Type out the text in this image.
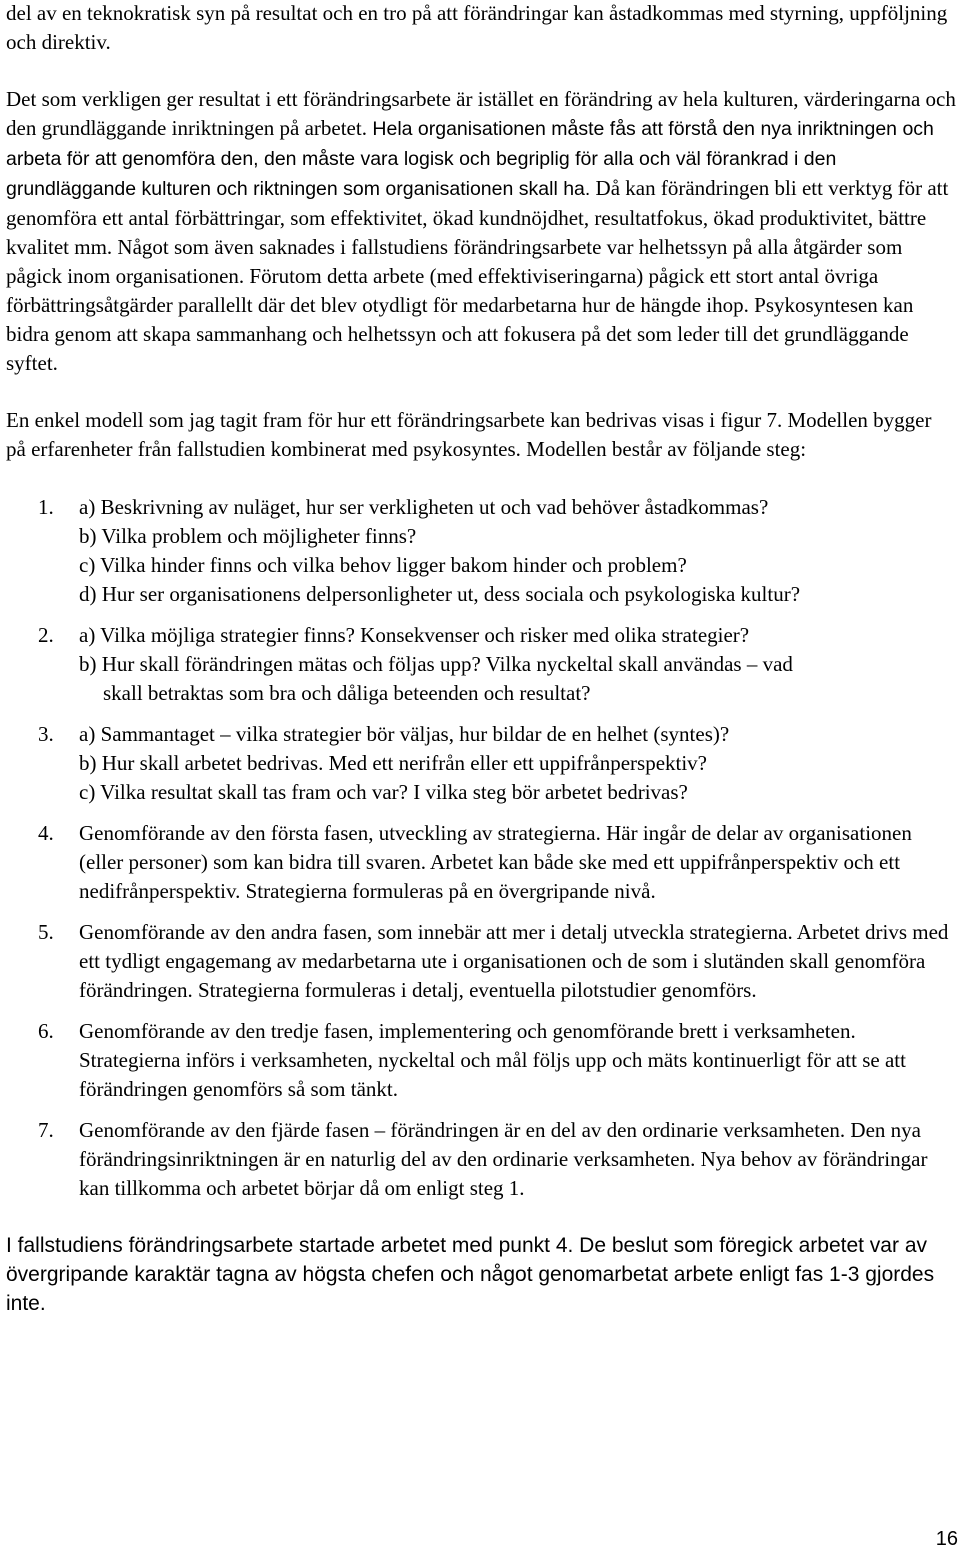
del av en teknokratisk syn på resultat och en tro på att förändringar kan åstadkommas med styrning, uppföljning och direktiv.

Det som verkligen ger resultat i ett förändringsarbete är istället en förändring av hela kulturen, värderingarna och den grundläggande inriktningen på arbetet. Hela organisationen måste fås att förstå den nya inriktningen och arbeta för att genomföra den, den måste vara logisk och begriplig för alla och väl förankrad i den grundläggande kulturen och riktningen som organisationen skall ha. Då kan förändringen bli ett verktyg för att genomföra ett antal förbättringar, som effektivitet, ökad kundnöjdhet, resultatfokus, ökad produktivitet, bättre kvalitet mm. Något som även saknades i fallstudiens förändringsarbete var helhetssyn på alla åtgärder som pågick inom organisationen. Förutom detta arbete (med effektiviseringarna) pågick ett stort antal övriga förbättringsåtgärder parallellt där det blev otydligt för medarbetarna hur de hängde ihop. Psykosyntesen kan bidra genom att skapa sammanhang och helhetssyn och att fokusera på det som leder till det grundläggande syftet.

En enkel modell som jag tagit fram för hur ett förändringsarbete kan bedrivas visas i figur 7. Modellen bygger på erfarenheter från fallstudien kombinerat med psykosyntes. Modellen består av följande steg:

1. a) Beskrivning av nuläget, hur ser verkligheten ut och vad behöver åstadkommas?
b) Vilka problem och möjligheter finns?
c) Vilka hinder finns och vilka behov ligger bakom hinder och problem?
d) Hur ser organisationens delpersonligheter ut, dess sociala och psykologiska kultur?
2. a) Vilka möjliga strategier finns? Konsekvenser och risker med olika strategier?
b) Hur skall förändringen mätas och följas upp? Vilka nyckeltal skall användas – vad
skall betraktas som bra och dåliga beteenden och resultat?
3. a) Sammantaget – vilka strategier bör väljas, hur bildar de en helhet (syntes)?
b) Hur skall arbetet bedrivas. Med ett nerifrån eller ett uppifrånperspektiv?
c) Vilka resultat skall tas fram och var? I vilka steg bör arbetet bedrivas?
4. Genomförande av den första fasen, utveckling av strategierna. Här ingår de delar av organisationen (eller personer) som kan bidra till svaren. Arbetet kan både ske med ett uppifrånperspektiv och ett nedifrånperspektiv. Strategierna formuleras på en övergripande nivå.
5. Genomförande av den andra fasen, som innebär att mer i detalj utveckla strategierna. Arbetet drivs med ett tydligt engagemang av medarbetarna ute i organisationen och de som i slutänden skall genomföra förändringen. Strategierna formuleras i detalj, eventuella pilotstudier genomförs.
6. Genomförande av den tredje fasen, implementering och genomförande brett i verksamheten. Strategierna införs i verksamheten, nyckeltal och mål följs upp och mäts kontinuerligt för att se att förändringen genomförs så som tänkt.
7. Genomförande av den fjärde fasen – förändringen är en del av den ordinarie verksamheten. Den nya förändringsinriktningen är en naturlig del av den ordinarie verksamheten. Nya behov av förändringar kan tillkomma och arbetet börjar då om enligt steg 1.

I fallstudiens förändringsarbete startade arbetet med punkt 4. De beslut som föregick arbetet var av övergripande karaktär tagna av högsta chefen och något genomarbetat arbete enligt fas 1-3 gjordes inte.

16
